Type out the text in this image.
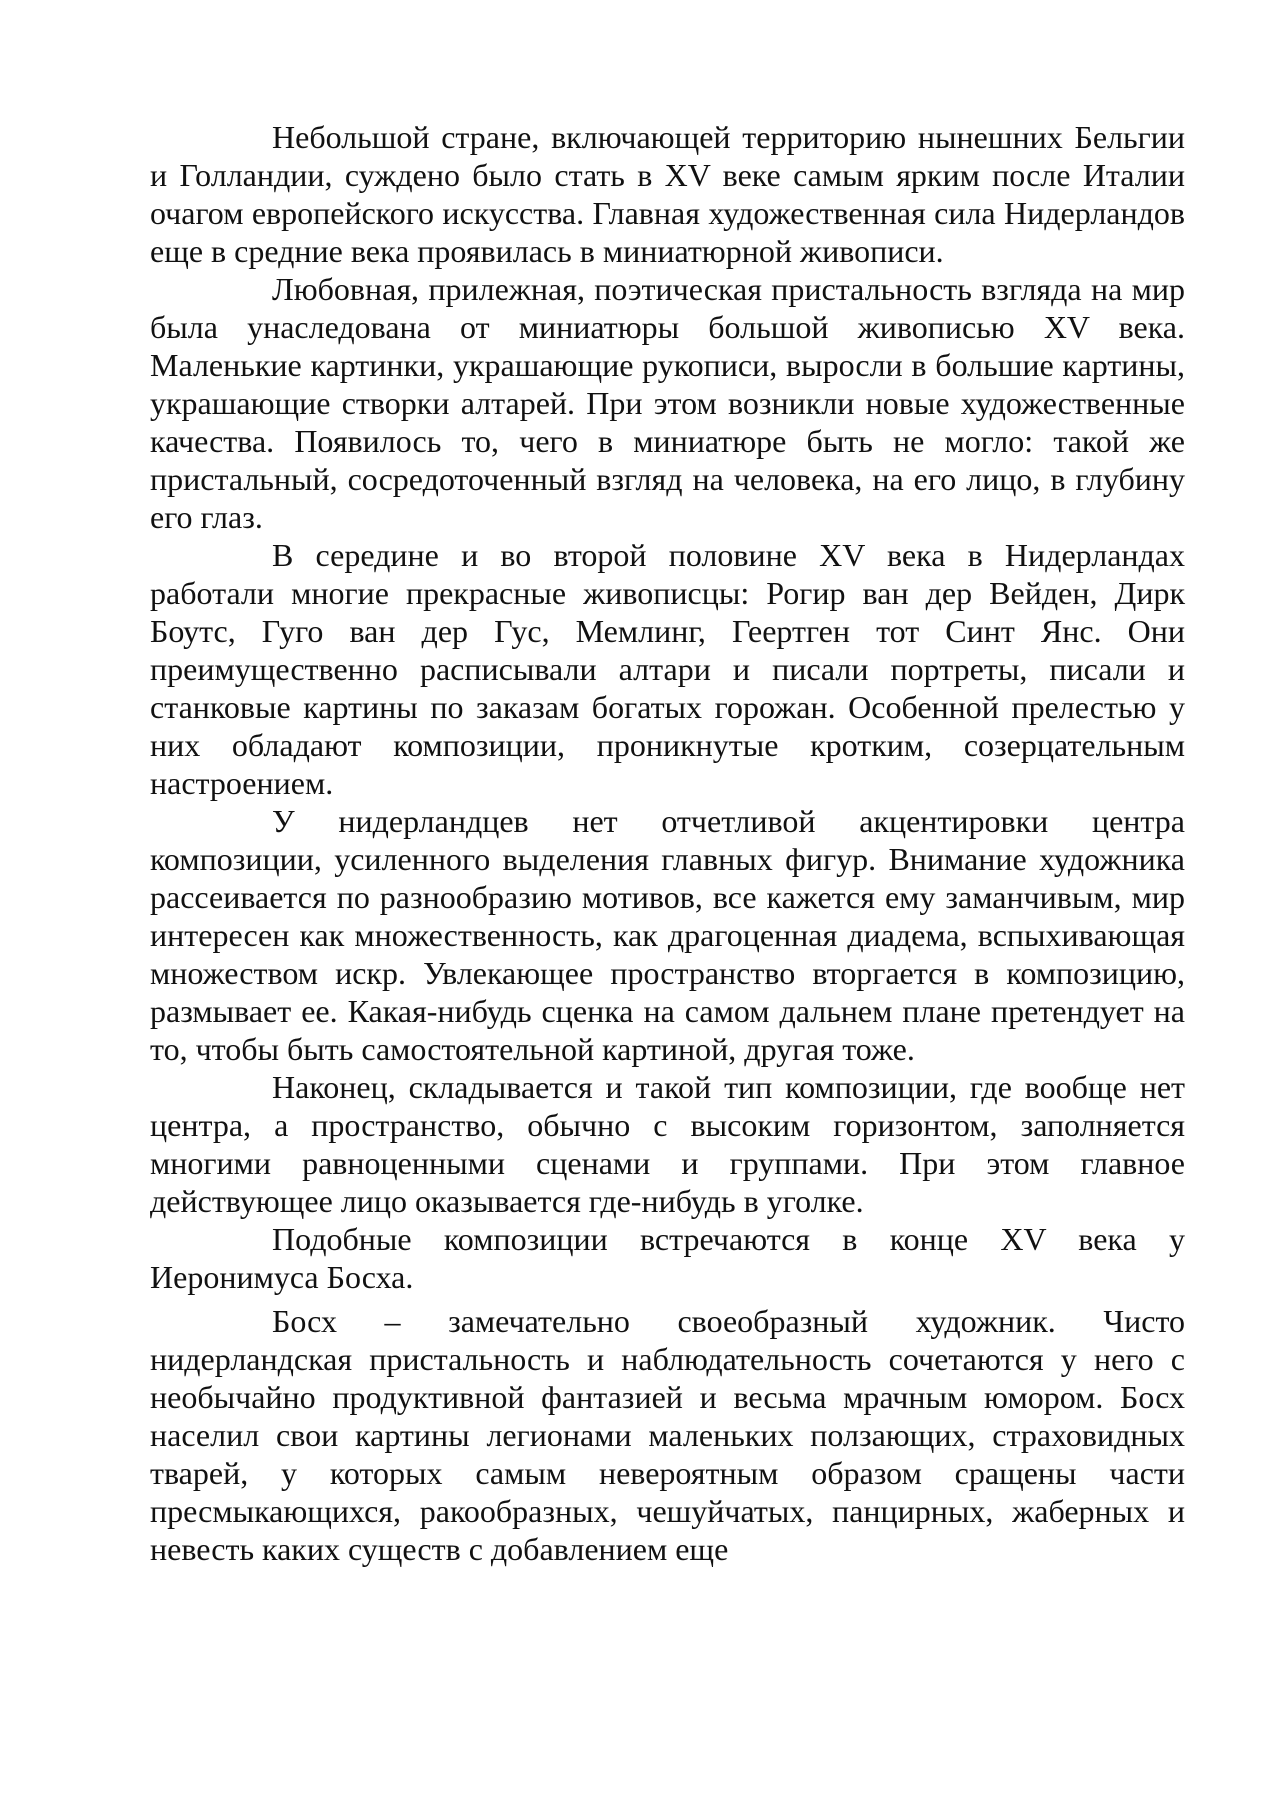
Небольшой стране, включающей территорию нынешних Бельгии и Голландии, суждено было стать в XV веке самым ярким после Италии очагом европейского искусства. Главная художественная сила Нидерландов еще в средние века проявилась в миниатюрной живописи.

Любовная, прилежная, поэтическая пристальность взгляда на мир была унаследована от миниатюры большой живописью XV века. Маленькие картинки, украшающие рукописи, выросли в большие картины, украшающие створки алтарей. При этом возникли новые художественные качества. Появилось то, чего в миниатюре быть не могло: такой же пристальный, сосредоточенный взгляд на человека, на его лицо, в глубину его глаз.

В середине и во второй половине XV века в Нидерландах работали многие прекрасные живописцы: Рогир ван дер Вейден, Дирк Боутс, Гуго ван дер Гус, Мемлинг, Геертген тот Синт Янс. Они преимущественно расписывали алтари и писали портреты, писали и станковые картины по заказам богатых горожан. Особенной прелестью у них обладают композиции, проникнутые кротким, созерцательным настроением.

У нидерландцев нет отчетливой акцентировки центра композиции, усиленного выделения главных фигур. Внимание художника рассеивается по разнообразию мотивов, все кажется ему заманчивым, мир интересен как множественность, как драгоценная диадема, вспыхивающая множеством искр. Увлекающее пространство вторгается в композицию, размывает ее. Какая-нибудь сценка на самом дальнем плане претендует на то, чтобы быть самостоятельной картиной, другая тоже.

Наконец, складывается и такой тип композиции, где вообще нет центра, а пространство, обычно с высоким горизонтом, заполняется многими равноценными сценами и группами. При этом главное действующее лицо оказывается где-нибудь в уголке.

Подобные композиции встречаются в конце XV века у Иеронимуса Босха.

Босх – замечательно своеобразный художник. Чисто нидерландская пристальность и наблюдательность сочетаются у него с необычайно продуктивной фантазией и весьма мрачным юмором. Босх населил свои картины легионами маленьких ползающих, страховидных тварей, у которых самым невероятным образом сращены части пресмыкающихся, ракообразных, чешуйчатых, панцирных, жаберных и невесть каких существ с добавлением еще
